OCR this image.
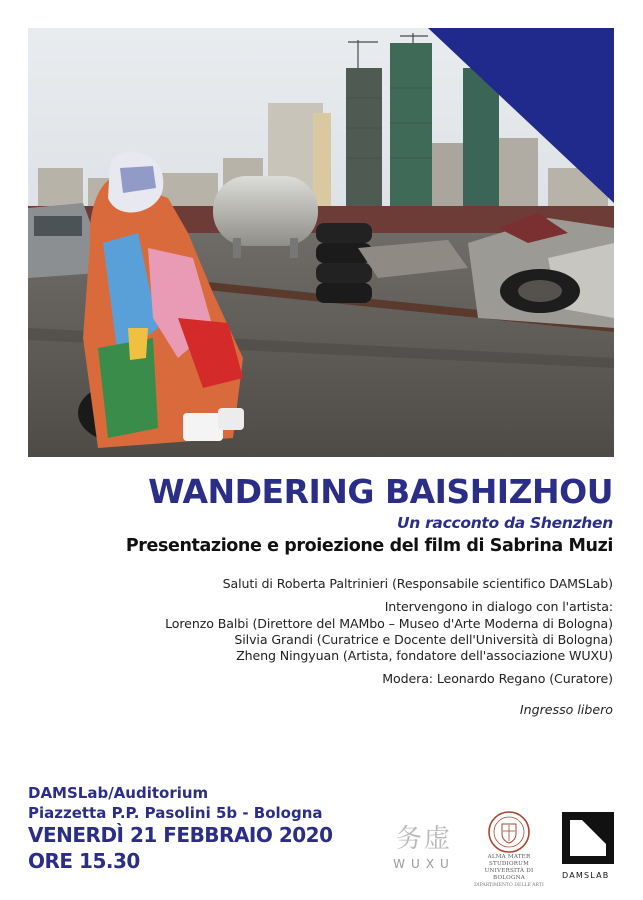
WANDERING BAISHIZHOU
Un racconto da Shenzhen
Presentazione e proiezione del film di Sabrina Muzi
Saluti di Roberta Paltrinieri (Responsabile scientifico DAMSLab)
Intervengono in dialogo con l'artista:
Lorenzo Balbi (Direttore del MAMbo – Museo d'Arte Moderna di Bologna)
Silvia Grandi (Curatrice e Docente dell'Università di Bologna)
Zheng Ningyuan (Artista, fondatore dell'associazione WUXU)
Modera: Leonardo Regano (Curatore)
Ingresso libero
DAMSLab/Auditorium
Piazzetta P.P. Pasolini 5b - Bologna
VENERDÌ 21 FEBBRAIO 2020
ORE 15.30
务虚
WUXU	ALMA MATER STUDIORUM
UNIVERSITÀ DI BOLOGNA
DIPARTIMENTO DELLE ARTI
DAMSLAB
